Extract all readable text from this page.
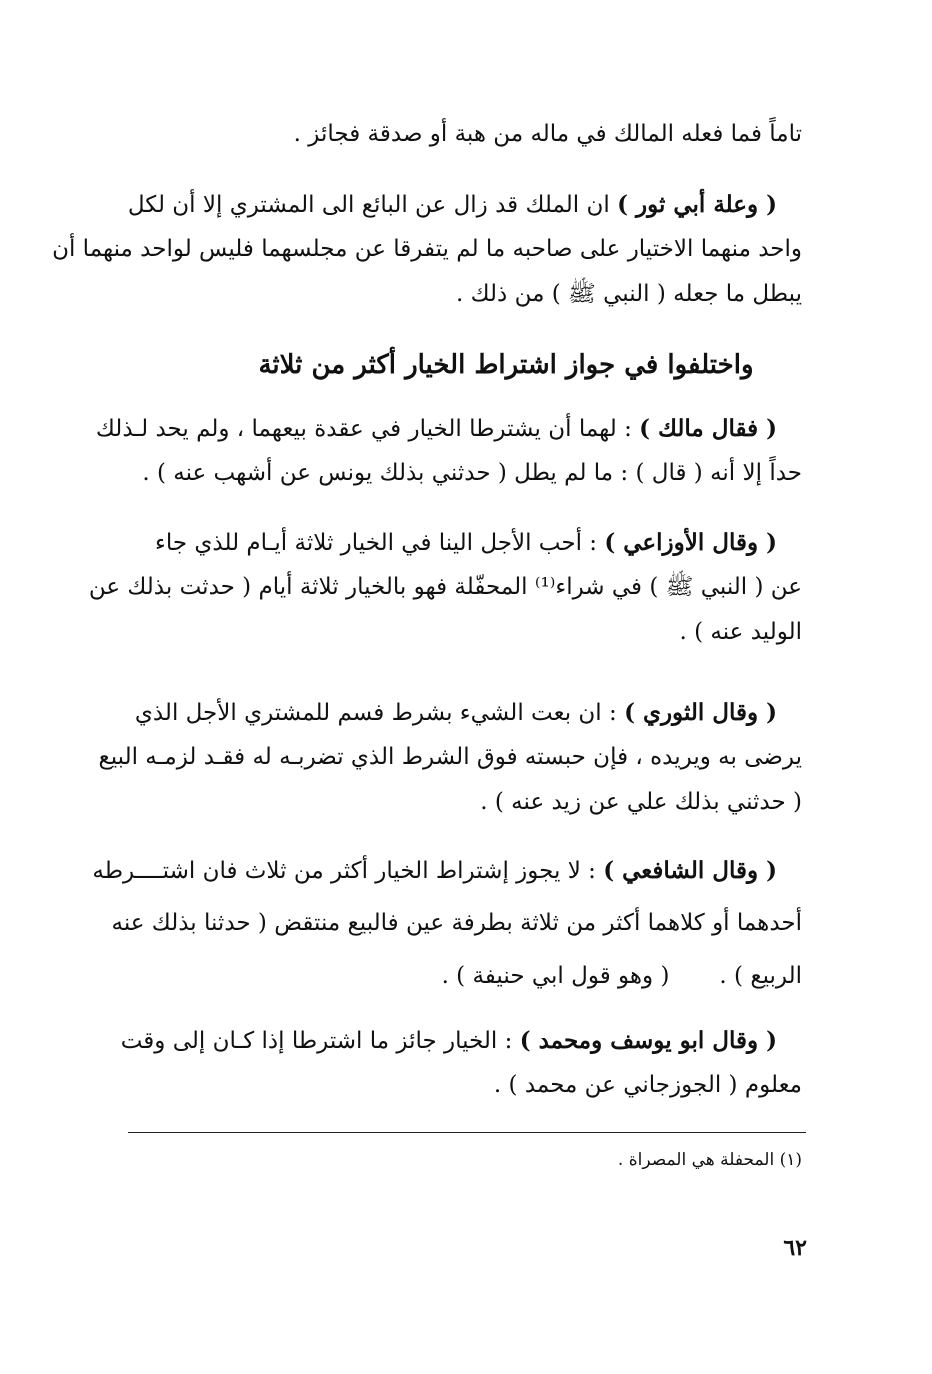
تاماً فما فعله المالك في ماله من هبة أو صدقة فجائز .
( وعلة أبي ثور ) ان الملك قد زال عن البائع الى المشتري إلا أن لكل
واحد منهما الاختيار على صاحبه ما لم يتفرقا عن مجلسهما فليس لواحد منهما أن
يبطل ما جعله ( النبي ﷺ ) من ذلك .
واختلفوا في جواز اشتراط الخيار أكثر من ثلاثة
( فقال مالك ) : لهما أن يشترطا الخيار في عقدة بيعهما ، ولم يحد لـذلك
حداً إلا أنه ( قال ) : ما لم يطل ( حدثني بذلك يونس عن أشهب عنه ) .
( وقال الأوزاعي ) : أحب الأجل الينا في الخيار ثلاثة أيـام للذي جاء
عن ( النبي ﷺ ) في شراء⁽¹⁾ المحفّلة فهو بالخيار ثلاثة أيام ( حدثت بذلك عن
الوليد عنه ) .
( وقال الثوري ) : ان بعت الشيء بشرط فسم للمشتري الأجل الذي
يرضى به ويريده ، فإن حبسته فوق الشرط الذي تضربـه له فقـد لزمـه البيع
( حدثني بذلك علي عن زيد عنه ) .
( وقال الشافعي ) : لا يجوز إشتراط الخيار أكثر من ثلاث فان اشتــــرطه
أحدهما أو كلاهما أكثر من ثلاثة بطرفة عين فالبيع منتقض ( حدثنا بذلك عنه
الربيع ) .( وهو قول ابي حنيفة ) .
( وقال ابو يوسف ومحمد ) : الخيار جائز ما اشترطا إذا كـان إلى وقت
معلوم ( الجوزجاني عن محمد ) .
(١) المحفلة هي المصراة .
٦٢
